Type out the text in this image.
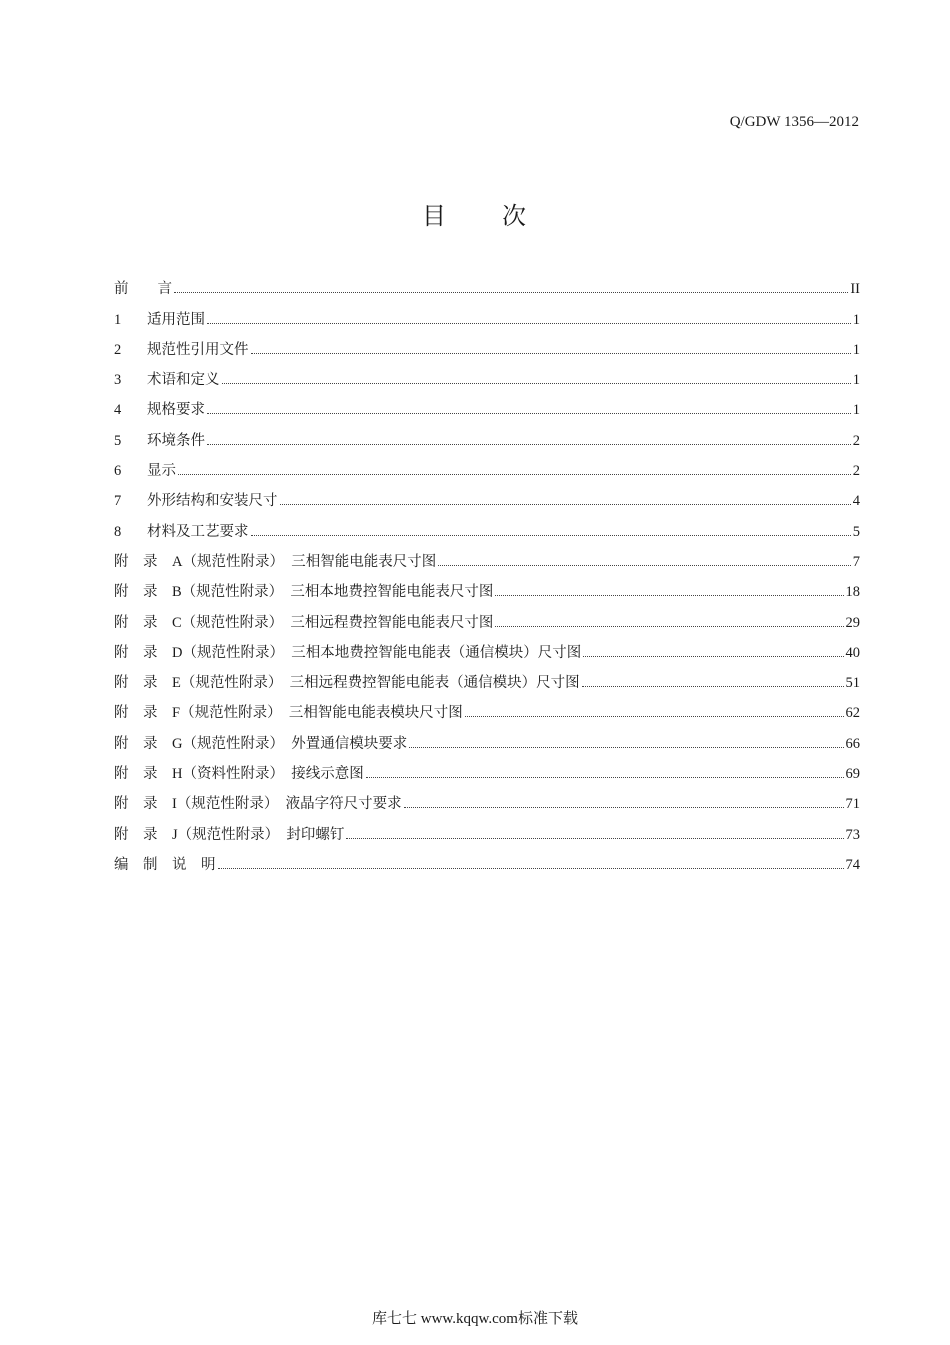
Q/GDW 1356—2012
目 次
前　　言	II
1	适用范围	1
2	规范性引用文件	1
3	术语和定义	1
4	规格要求	1
5	环境条件	2
6	显示	2
7	外形结构和安装尺寸	4
8	材料及工艺要求	5
附　录　A（规范性附录）　三相智能电能表尺寸图	7
附　录　B（规范性附录）　三相本地费控智能电能表尺寸图	18
附　录　C（规范性附录）　三相远程费控智能电能表尺寸图	29
附　录　D（规范性附录）　三相本地费控智能电能表（通信模块）尺寸图	40
附　录　E（规范性附录）　三相远程费控智能电能表（通信模块）尺寸图	51
附　录　F（规范性附录）　三相智能电能表模块尺寸图	62
附　录　G（规范性附录）　外置通信模块要求	66
附　录　H（资料性附录）　接线示意图	69
附　录　I（规范性附录）　液晶字符尺寸要求	71
附　录　J（规范性附录）　封印螺钉	73
编　制　说　明	74
库七七 www.kqqw.com标准下载
